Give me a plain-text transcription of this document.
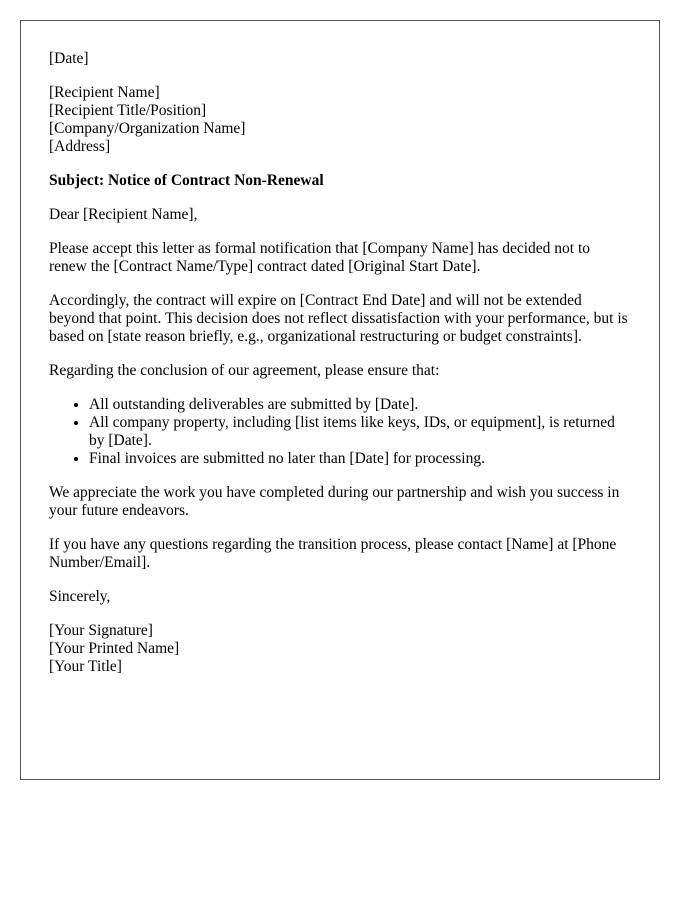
[Date]
[Recipient Name]
[Recipient Title/Position]
[Company/Organization Name]
[Address]
Subject: Notice of Contract Non-Renewal
Dear [Recipient Name],
Please accept this letter as formal notification that [Company Name] has decided not to renew the [Contract Name/Type] contract dated [Original Start Date].
Accordingly, the contract will expire on [Contract End Date] and will not be extended beyond that point. This decision does not reflect dissatisfaction with your performance, but is based on [state reason briefly, e.g., organizational restructuring or budget constraints].
Regarding the conclusion of our agreement, please ensure that:
• All outstanding deliverables are submitted by [Date].
• All company property, including [list items like keys, IDs, or equipment], is returned by [Date].
• Final invoices are submitted no later than [Date] for processing.
We appreciate the work you have completed during our partnership and wish you success in your future endeavors.
If you have any questions regarding the transition process, please contact [Name] at [Phone Number/Email].
Sincerely,
[Your Signature]
[Your Printed Name]
[Your Title]
